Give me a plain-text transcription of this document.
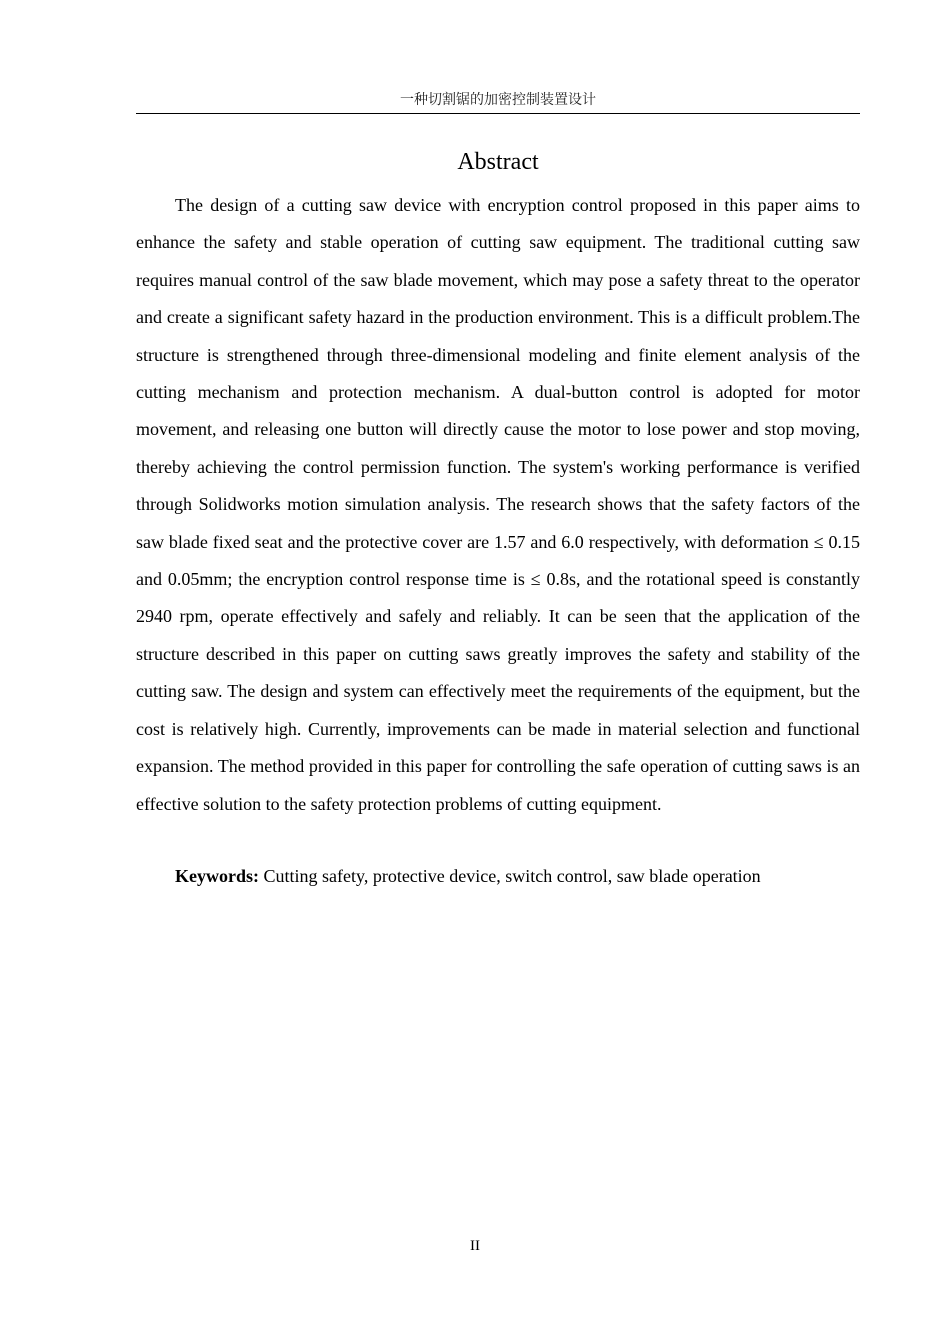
一种切割锯的加密控制装置设计
Abstract

The design of a cutting saw device with encryption control proposed in this paper aims to enhance the safety and stable operation of cutting saw equipment. The traditional cutting saw requires manual control of the saw blade movement, which may pose a safety threat to the operator and create a significant safety hazard in the production environment. This is a difficult problem.The structure is strengthened through three-dimensional modeling and finite element analysis of the cutting mechanism and protection mechanism. A dual-button control is adopted for motor movement, and releasing one button will directly cause the motor to lose power and stop moving, thereby achieving the control permission function. The system's working performance is verified through Solidworks motion simulation analysis. The research shows that the safety factors of the saw blade fixed seat and the protective cover are 1.57 and 6.0 respectively, with deformation ≤ 0.15 and 0.05mm; the encryption control response time is ≤ 0.8s, and the rotational speed is constantly 2940 rpm, operate effectively and safely and reliably. It can be seen that the application of the structure described in this paper on cutting saws greatly improves the safety and stability of the cutting saw. The design and system can effectively meet the requirements of the equipment, but the cost is relatively high. Currently, improvements can be made in material selection and functional expansion. The method provided in this paper for controlling the safe operation of cutting saws is an effective solution to the safety protection problems of cutting equipment.

Keywords: Cutting safety, protective device, switch control, saw blade operation

II
